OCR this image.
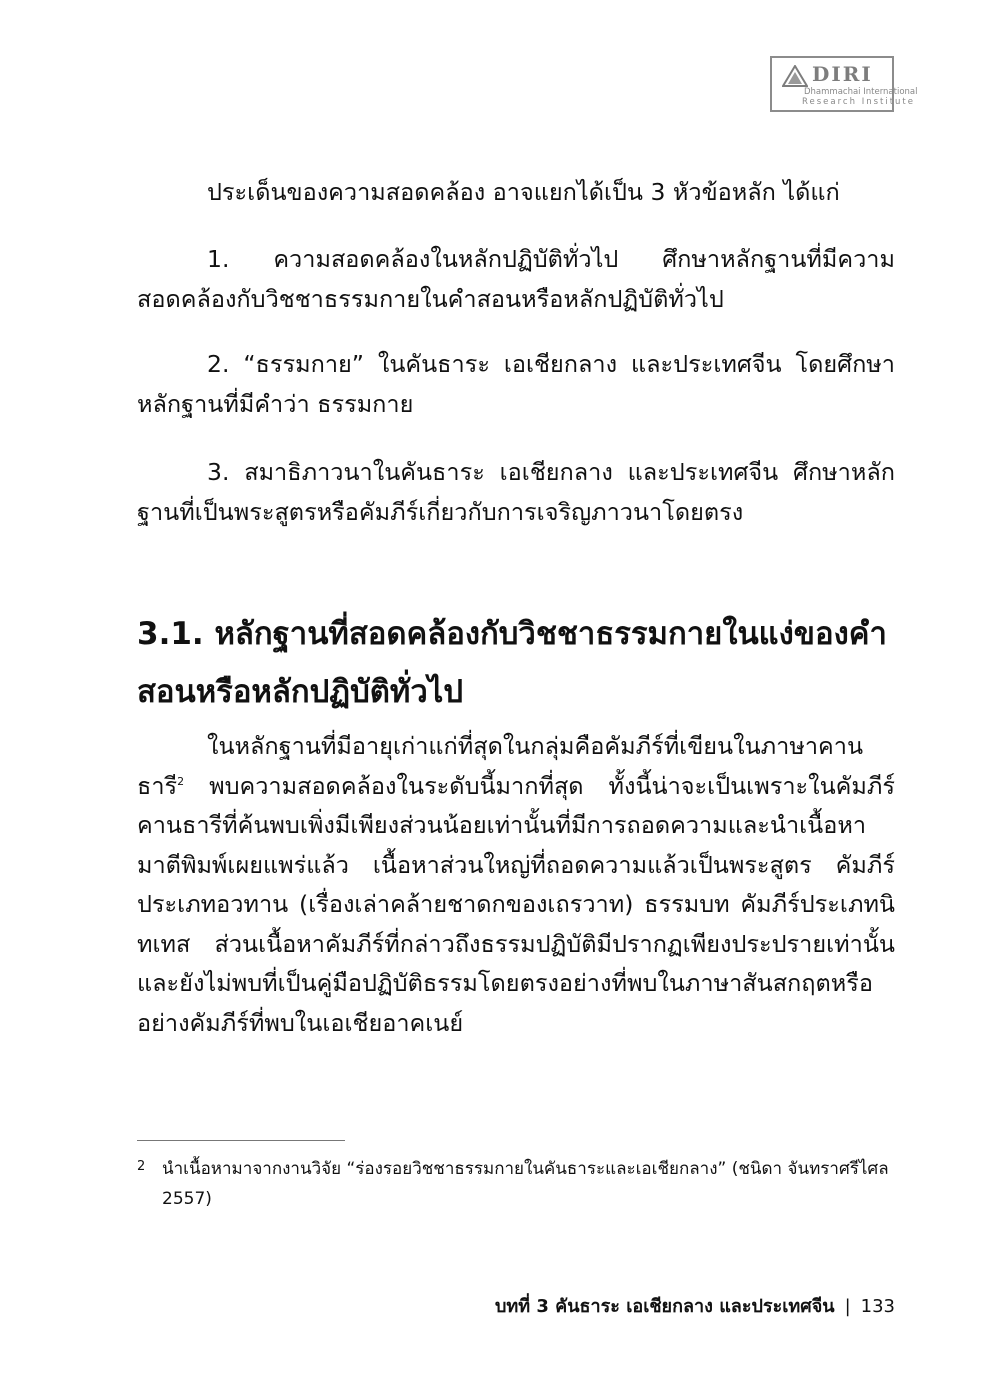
DIRI
Dhammachai International
Research Institute

ประเด็นของความสอดคล้อง อาจแยกได้เป็น 3 หัวข้อหลัก ได้แก่

1. ความสอดคล้องในหลักปฏิบัติทั่วไป ศึกษาหลักฐานที่มีความสอดคล้องกับวิชชาธรรมกายในคำสอนหรือหลักปฏิบัติทั่วไป

2. “ธรรมกาย” ในคันธาระ เอเชียกลาง และประเทศจีน โดยศึกษาหลักฐานที่มีคำว่า ธรรมกาย

3. สมาธิภาวนาในคันธาระ เอเชียกลาง และประเทศจีน ศึกษาหลักฐานที่เป็นพระสูตรหรือคัมภีร์เกี่ยวกับการเจริญภาวนาโดยตรง

3.1. หลักฐานที่สอดคล้องกับวิชชาธรรมกายในแง่ของคำสอนหรือหลักปฏิบัติทั่วไป

ในหลักฐานที่มีอายุเก่าแก่ที่สุดในกลุ่มคือคัมภีร์ที่เขียนในภาษาคานธารี$^2$ พบความสอดคล้องในระดับนี้มากที่สุด ทั้งนี้น่าจะเป็นเพราะในคัมภีร์คานธารีที่ค้นพบเพิ่งมีเพียงส่วนน้อยเท่านั้นที่มีการถอดความและนำเนื้อหามาตีพิมพ์เผยแพร่แล้ว เนื้อหาส่วนใหญ่ที่ถอดความแล้วเป็นพระสูตร คัมภีร์ประเภทอวทาน (เรื่องเล่าคล้ายชาดกของเถรวาท) ธรรมบท คัมภีร์ประเภทนิทเทส ส่วนเนื้อหาคัมภีร์ที่กล่าวถึงธรรมปฏิบัติมีปรากฏเพียงประปรายเท่านั้น และยังไม่พบที่เป็นคู่มือปฏิบัติธรรมโดยตรงอย่างที่พบในภาษาสันสกฤตหรืออย่างคัมภีร์ที่พบในเอเชียอาคเนย์

2 นำเนื้อหามาจากงานวิจัย “ร่องรอยวิชชาธรรมกายในคันธาระและเอเชียกลาง” (ชนิดา จันทราศรีไศล 2557)
บทที่ 3 คันธาระ เอเชียกลาง และประเทศจีน | 133
